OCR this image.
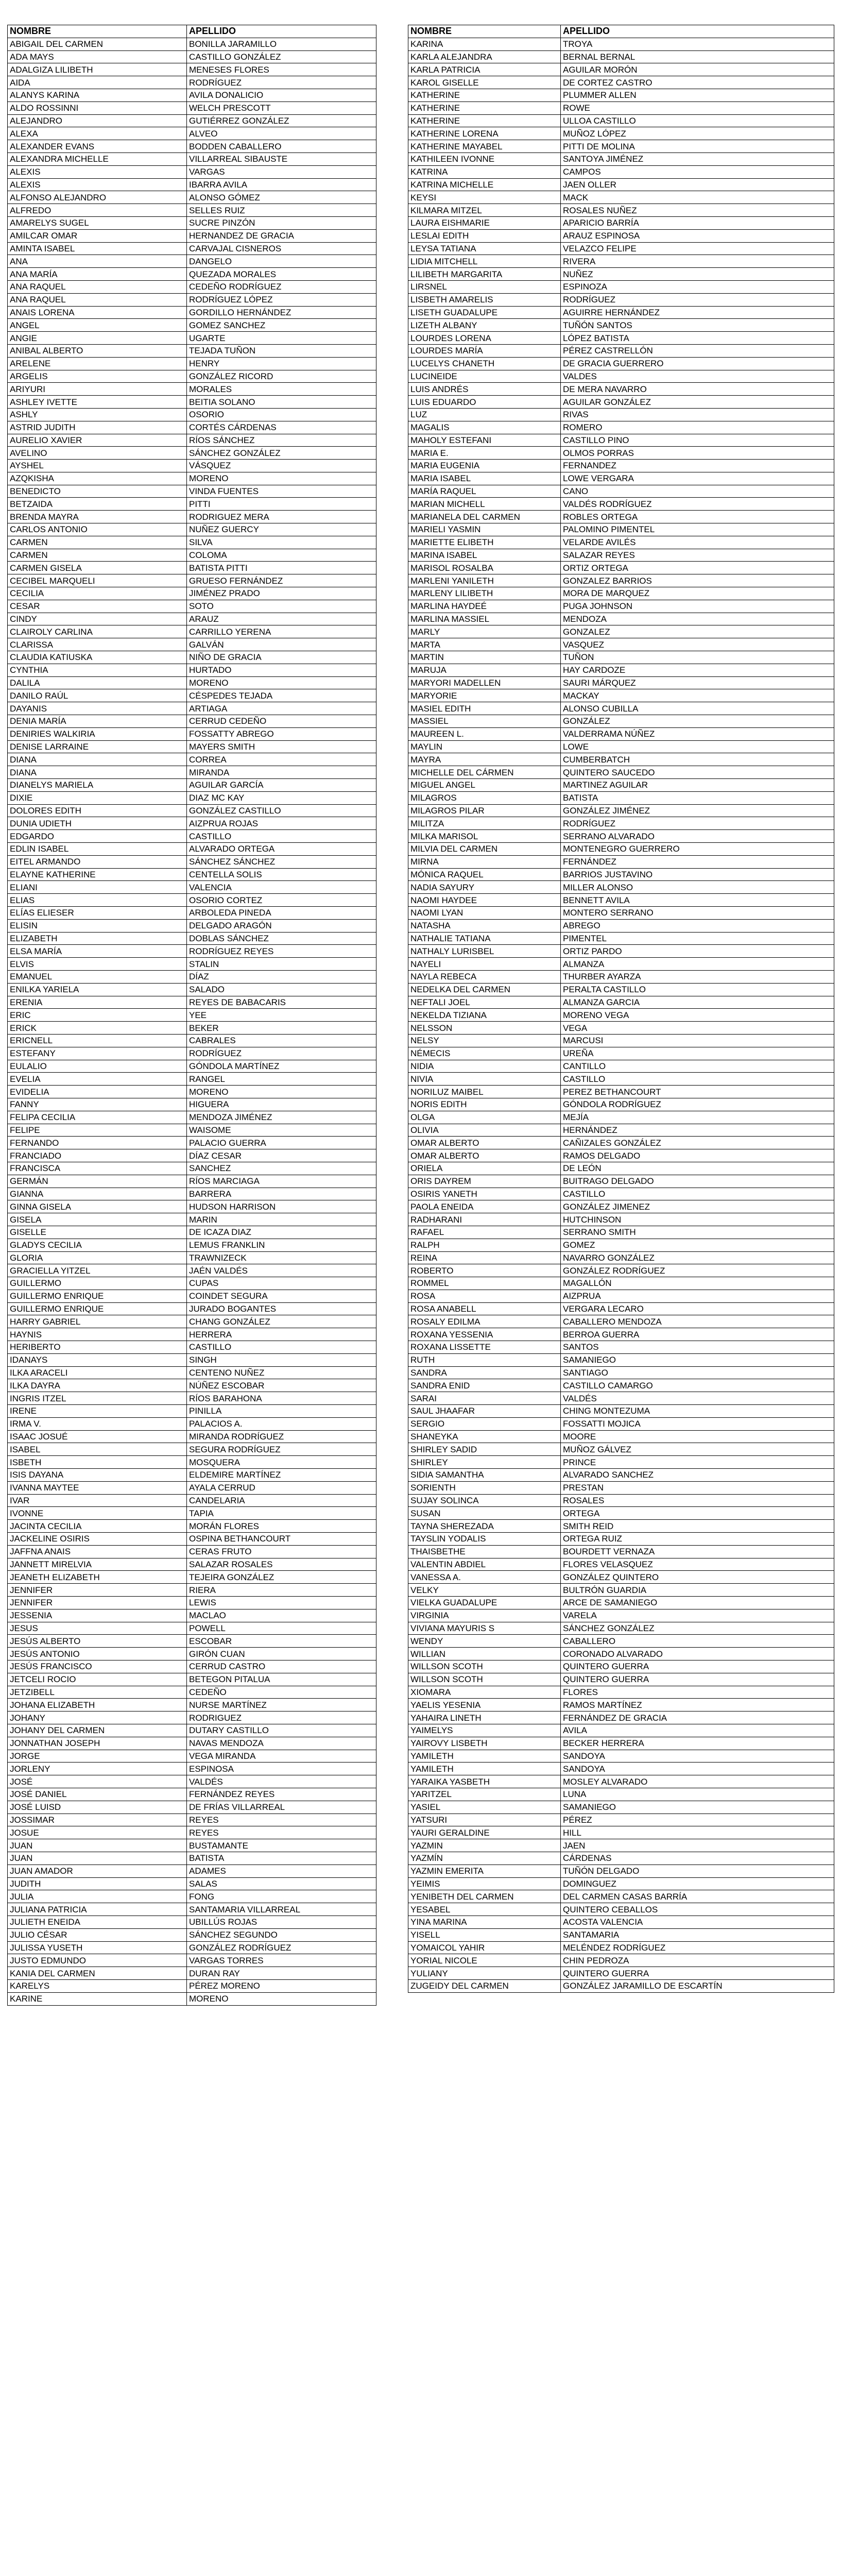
NOMBRE	APELLIDO
ABIGAIL DEL CARMEN	BONILLA JARAMILLO
ADA MAYS	CASTILLO GONZÁLEZ
ADALGIZA LILIBETH	MENESES FLORES
AIDA	RODRÍGUEZ
ALANYS KARINA	AVILA DONALICIO
ALDO ROSSINNI	WELCH PRESCOTT
ALEJANDRO	GUTIÉRREZ GONZÁLEZ
ALEXA	ALVEO
ALEXANDER EVANS	BODDEN CABALLERO
ALEXANDRA MICHELLE	VILLARREAL SIBAUSTE
ALEXIS	VARGAS
ALEXIS	IBARRA AVILA
ALFONSO ALEJANDRO	ALONSO GÓMEZ
ALFREDO	SELLES RUIZ
AMARELYS SUGEL	SUCRE PINZÓN
AMILCAR OMAR	HERNANDEZ DE GRACIA
AMINTA ISABEL	CARVAJAL CISNEROS
ANA	DANGELO
ANA MARÍA	QUEZADA MORALES
ANA RAQUEL	CEDEÑO RODRÍGUEZ
ANA RAQUEL	RODRÍGUEZ LÓPEZ
ANAIS LORENA	GORDILLO HERNÁNDEZ
ANGEL	GOMEZ SANCHEZ
ANGIE	UGARTE
ANIBAL ALBERTO	TEJADA TUÑON
ARELENE	HENRY
ARGELIS	GONZÁLEZ RICORD
ARIYURI	MORALES
ASHLEY IVETTE	BEITIA SOLANO
ASHLY	OSORIO
ASTRID JUDITH	CORTÉS CÁRDENAS
AURELIO XAVIER	RÍOS SÁNCHEZ
AVELINO	SÁNCHEZ GONZÁLEZ
AYSHEL	VÁSQUEZ
AZQKISHA	MORENO
BENEDICTO	VINDA FUENTES
BETZAIDA	PITTI
BRENDA MAYRA	RODRIGUEZ MERA
CARLOS ANTONIO	NUÑEZ GUERCY
CARMEN	SILVA
CARMEN	COLOMA
CARMEN GISELA	BATISTA PITTI
CECIBEL MARQUELI	GRUESO FERNÁNDEZ
CECILIA	JIMÉNEZ PRADO
CESAR	SOTO
CINDY	ARAUZ
CLAIROLY CARLINA	CARRILLO YERENA
CLARISSA	GALVÁN
CLAUDIA KATIUSKA	NIÑO DE GRACIA
CYNTHIA	HURTADO
DALILA	MORENO
DANILO RAÚL	CÉSPEDES TEJADA
DAYANIS	ARTIAGA
DENIA MARÍA	CERRUD CEDEÑO
DENIRIES WALKIRIA	FOSSATTY ABREGO
DENISE LARRAINE	MAYERS SMITH
DIANA	CORREA
DIANA	MIRANDA
DIANELYS MARIELA	AGUILAR GARCÍA
DIXIE	DIAZ MC KAY
DOLORES EDITH	GONZÁLEZ CASTILLO
DUNIA UDIETH	AIZPRUA ROJAS
EDGARDO	CASTILLO
EDLIN ISABEL	ALVARADO ORTEGA
EITEL ARMANDO	SÁNCHEZ SÁNCHEZ
ELAYNE KATHERINE	CENTELLA SOLIS
ELIANI	VALENCIA
ELIAS	OSORIO CORTEZ
ELÍAS ELIESER	ARBOLEDA PINEDA
ELISIN	DELGADO ARAGÓN
ELIZABETH	DOBLAS SÁNCHEZ
ELSA MARÍA	RODRÍGUEZ REYES
ELVIS	STALIN
EMANUEL	DÍAZ
ENILKA YARIELA	SALADO
ERENIA	REYES DE BABACARIS
ERIC	YEE
ERICK	BEKER
ERICNELL	CABRALES
ESTEFANY	RODRÍGUEZ
EULALIO	GÓNDOLA MARTÍNEZ
EVELIA	RANGEL
EVIDELIA	MORENO
FANNY	HIGUERA
FELIPA CECILIA	MENDOZA JIMÉNEZ
FELIPE	WAISOME
FERNANDO	PALACIO GUERRA
FRANCIADO	DÍAZ CESAR
FRANCISCA	SANCHEZ
GERMÁN	RÍOS MARCIAGA
GIANNA	BARRERA
GINNA GISELA	HUDSON HARRISON
GISELA	MARIN
GISELLE	DE ICAZA DIAZ
GLADYS CECILIA	LEMUS FRANKLIN
GLORIA	TRAWNIZECK
GRACIELLA YITZEL	JAÉN VALDÉS
GUILLERMO	CUPAS
GUILLERMO ENRIQUE	COINDET SEGURA
GUILLERMO ENRIQUE	JURADO BOGANTES
HARRY GABRIEL	CHANG GONZÁLEZ
HAYNIS	HERRERA
HERIBERTO	CASTILLO
IDANAYS	SINGH
ILKA ARACELI	CENTENO NUÑEZ
ILKA DAYRA	NÚÑEZ ESCOBAR
INGRIS ITZEL	RÍOS BARAHONA
IRENE	PINILLA
IRMA V.	PALACIOS A.
ISAAC JOSUÉ	MIRANDA RODRÍGUEZ
ISABEL	SEGURA RODRÍGUEZ
ISBETH	MOSQUERA
ISIS DAYANA	ELDEMIRE MARTÍNEZ
IVANNA MAYTEE	AYALA CERRUD
IVAR	CANDELARIA
IVONNE	TAPIA
JACINTA CECILIA	MORÁN FLORES
JACKELINE OSIRIS	OSPINA BETHANCOURT
JAFFNA ANAIS	CERAS FRUTO
JANNETT MIRELVIA	SALAZAR ROSALES
JEANETH ELIZABETH	TEJEIRA GONZÁLEZ
JENNIFER	RIERA
JENNIFER	LEWIS
JESSENIA	MACLAO
JESUS	POWELL
JESÚS ALBERTO	ESCOBAR
JESÚS ANTONIO	GIRÓN CUAN
JESÚS FRANCISCO	CERRUD CASTRO
JETCELI ROCIO	BETEGON PITALUA
JETZIBELL	CEDEÑO
JOHANA ELIZABETH	NURSE MARTÍNEZ
JOHANY	RODRIGUEZ
JOHANY DEL CARMEN	DUTARY CASTILLO
JONNATHAN JOSEPH	NAVAS MENDOZA
JORGE	VEGA MIRANDA
JORLENY	ESPINOSA
JOSÉ	VALDÉS
JOSÉ DANIEL	FERNÁNDEZ REYES
JOSÉ LUISD	DE FRÍAS VILLARREAL
JOSSIMAR	REYES
JOSUE	REYES
JUAN	BUSTAMANTE
JUAN	BATISTA
JUAN AMADOR	ADAMES
JUDITH	SALAS
JULIA	FONG
JULIANA PATRICIA	SANTAMARIA VILLARREAL
JULIETH ENEIDA	UBILLÚS ROJAS
JULIO CÉSAR	SÁNCHEZ SEGUNDO
JULISSA YUSETH	GONZÁLEZ RODRÍGUEZ
JUSTO EDMUNDO	VARGAS TORRES
KANIA DEL CARMEN	DURAN RAY
KARELYS	PÉREZ MORENO
KARINE	MORENO
NOMBRE	APELLIDO
KARINA	TROYA
KARLA ALEJANDRA	BERNAL BERNAL
KARLA PATRICIA	AGUILAR MORÓN
KAROL GISELLE	DE CORTEZ CASTRO
KATHERINE	PLUMMER ALLEN
KATHERINE	ROWE
KATHERINE	ULLOA CASTILLO
KATHERINE LORENA	MUÑOZ LÓPEZ
KATHERINE MAYABEL	PITTI DE MOLINA
KATHILEEN IVONNE	SANTOYA JIMÉNEZ
KATRINA	CAMPOS
KATRINA MICHELLE	JAEN OLLER
KEYSI	MACK
KILMARA MITZEL	ROSALES NUÑEZ
LAURA EISHMARIE	APARICIO BARRÍA
LESLAI EDITH	ARAUZ ESPINOSA
LEYSA TATIANA	VELAZCO FELIPE
LIDIA MITCHELL	RIVERA
LILIBETH MARGARITA	NUÑEZ
LIRSNEL	ESPINOZA
LISBETH AMARELIS	RODRÍGUEZ
LISETH GUADALUPE	AGUIRRE HERNÁNDEZ
LIZETH ALBANY	TUÑÓN SANTOS
LOURDES LORENA	LÓPEZ BATISTA
LOURDES MARÍA	PÉREZ CASTRELLÓN
LUCELYS CHANETH	DE GRACIA GUERRERO
LUCINEIDE	VALDES
LUIS ANDRÉS	DE MERA NAVARRO
LUIS EDUARDO	AGUILAR GONZÁLEZ
LUZ	RIVAS
MAGALIS	ROMERO
MAHOLY ESTEFANI	CASTILLO PINO
MARIA E.	OLMOS PORRAS
MARIA EUGENIA	FERNANDEZ
MARIA ISABEL	LOWE VERGARA
MARÍA RAQUEL	CANO
MARIAN MICHELL	VALDÉS RODRÍGUEZ
MARIANELA DEL CARMEN	ROBLES ORTEGA
MARIELI YASMIN	PALOMINO PIMENTEL
MARIETTE ELIBETH	VELARDE AVILÉS
MARINA ISABEL	SALAZAR REYES
MARISOL ROSALBA	ORTIZ ORTEGA
MARLENI YANILETH	GONZALEZ BARRIOS
MARLENY LILIBETH	MORA DE MARQUEZ
MARLINA HAYDEÉ	PUGA JOHNSON
MARLINA MASSIEL	MENDOZA
MARLY	GONZALEZ
MARTA	VASQUEZ
MARTIN	TUÑON
MARUJA	HAY CARDOZE
MARYORI MADELLEN	SAURI MÁRQUEZ
MARYORIE	MACKAY
MASIEL EDITH	ALONSO CUBILLA
MASSIEL	GONZÁLEZ
MAUREEN L.	VALDERRAMA NÚÑEZ
MAYLIN	LOWE
MAYRA	CUMBERBATCH
MICHELLE DEL CÁRMEN	QUINTERO SAUCEDO
MIGUEL ANGEL	MARTINEZ AGUILAR
MILAGROS	BATISTA
MILAGROS PILAR	GONZÁLEZ JIMÉNEZ
MILITZA	RODRÍGUEZ
MILKA MARISOL	SERRANO ALVARADO
MILVIA DEL CARMEN	MONTENEGRO GUERRERO
MIRNA	FERNÁNDEZ
MÓNICA RAQUEL	BARRIOS JUSTAVINO
NADIA SAYURY	MILLER ALONSO
NAOMI HAYDEE	BENNETT AVILA
NAOMI LYAN	MONTERO SERRANO
NATASHA	ABREGO
NATHALIE TATIANA	PIMENTEL
NATHALY LURISBEL	ORTIZ PARDO
NAYELI	ALMANZA
NAYLA REBECA	THURBER AYARZA
NEDELKA DEL CARMEN	PERALTA CASTILLO
NEFTALI JOEL	ALMANZA GARCIA
NEKELDA TIZIANA	MORENO VEGA
NELSSON	VEGA
NELSY	MARCUSI
NÉMECIS	UREÑA
NIDIA	CANTILLO
NIVIA	CASTILLO
NORILUZ MAIBEL	PEREZ BETHANCOURT
NORIS EDITH	GÓNDOLA RODRÍGUEZ
OLGA	MEJÍA
OLIVIA	HERNÁNDEZ
OMAR ALBERTO	CAÑIZALES GONZÁLEZ
OMAR ALBERTO	RAMOS DELGADO
ORIELA	DE LEÓN
ORIS DAYREM	BUITRAGO DELGADO
OSIRIS YANETH	CASTILLO
PAOLA ENEIDA	GONZÁLEZ JIMENEZ
RADHARANI	HUTCHINSON
RAFAEL	SERRANO SMITH
RALPH	GOMEZ
REINA	NAVARRO GONZÁLEZ
ROBERTO	GONZÁLEZ RODRÍGUEZ
ROMMEL	MAGALLÓN
ROSA	AIZPRUA
ROSA ANABELL	VERGARA LECARO
ROSALY EDILMA	CABALLERO MENDOZA
ROXANA YESSENIA	BERROA GUERRA
ROXANA LISSETTE	SANTOS
RUTH	SAMANIEGO
SANDRA	SANTIAGO
SANDRA ENID	CASTILLO CAMARGO
SARAI	VALDÉS
SAUL JHAAFAR	CHING MONTEZUMA
SERGIO	FOSSATTI MOJICA
SHANEYKA	MOORE
SHIRLEY SADID	MUÑOZ GÁLVEZ
SHIRLEY	PRINCE
SIDIA SAMANTHA	ALVARADO SANCHEZ
SORIENTH	PRESTAN
SUJAY SOLINCA	ROSALES
SUSAN	ORTEGA
TAYNA SHEREZADA	SMITH REID
TAYSLIN YODALIS	ORTEGA RUIZ
THAISBETHE	BOURDETT VERNAZA
VALENTIN ABDIEL	FLORES VELASQUEZ
VANESSA A.	GONZÁLEZ QUINTERO
VELKY	BULTRÓN GUARDIA
VIELKA GUADALUPE	ARCE DE SAMANIEGO
VIRGINIA	VARELA
VIVIANA MAYURIS S	SÁNCHEZ GONZÁLEZ
WENDY	CABALLERO
WILLIAN	CORONADO ALVARADO
WILLSON SCOTH	QUINTERO GUERRA
WILLSON SCOTH	QUINTERO GUERRA
XIOMARA	FLORES
YAELIS YESENIA	RAMOS MARTÍNEZ
YAHAIRA LINETH	FERNÁNDEZ DE GRACIA
YAIMELYS	AVILA
YAIROVY LISBETH	BECKER HERRERA
YAMILETH	SANDOYA
YAMILETH	SANDOYA
YARAIKA YASBETH	MOSLEY ALVARADO
YARITZEL	LUNA
YASIEL	SAMANIEGO
YATSURI	PÉREZ
YAURI GERALDINE	HILL
YAZMIN	JAEN
YAZMÍN	CÁRDENAS
YAZMIN EMERITA	TUÑÓN DELGADO
YEIMIS	DOMINGUEZ
YENIBETH DEL CARMEN	DEL CARMEN CASAS BARRÍA
YESABEL	QUINTERO CEBALLOS
YINA MARINA	ACOSTA VALENCIA
YISELL	SANTAMARIA
YOMAICOL YAHIR	MELÉNDEZ RODRÍGUEZ
YORIAL NICOLE	CHIN PEDROZA
YULIANY	QUINTERO GUERRA
ZUGEIDY DEL CARMEN	GONZÁLEZ JARAMILLO DE ESCARTÍN
